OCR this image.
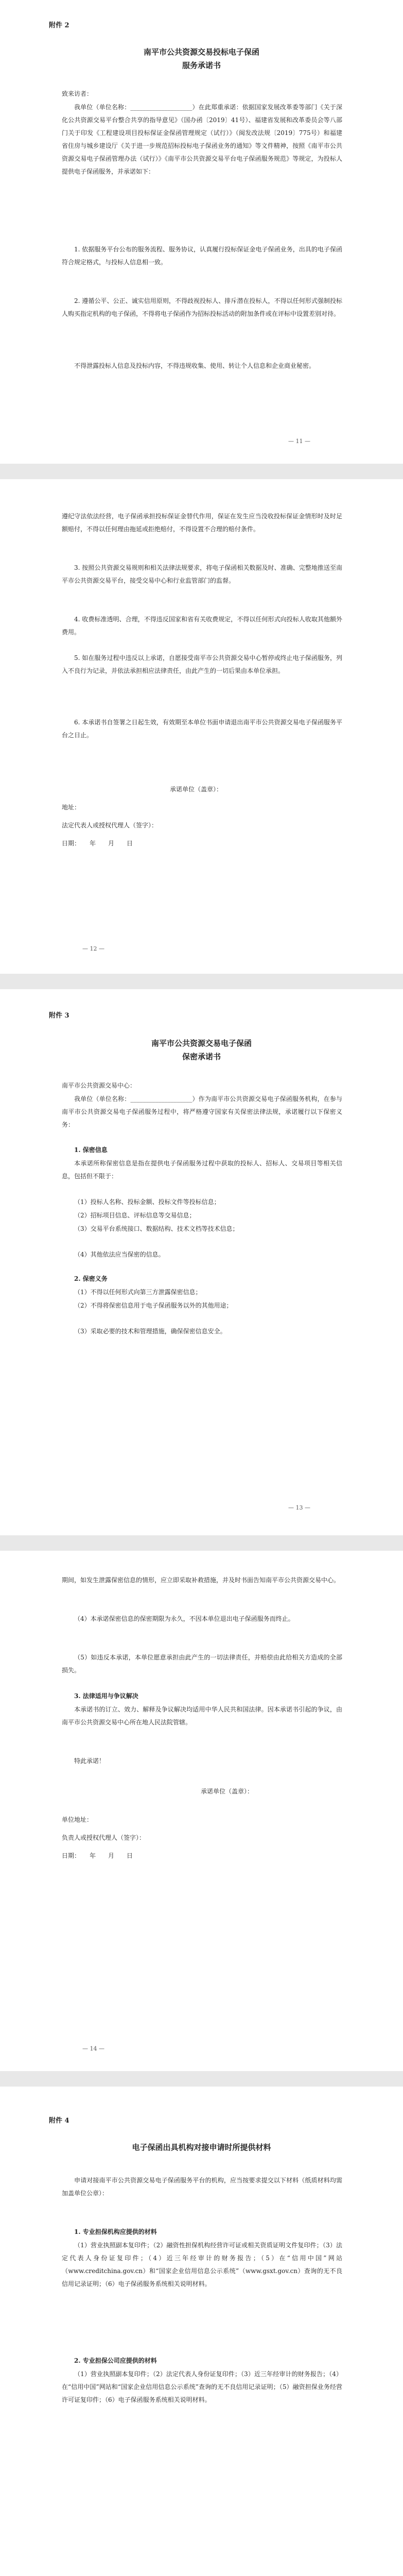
附件 2
南平市公共资源交易投标电子保函
服务承诺书
致来访者：
我单位（单位名称：____________________）在此郑重承诺：依据国家发展改革委等部门《关于深化公共资源交易平台整合共享的指导意见》（国办函〔2019〕41号）、福建省发展和改革委员会等八部门关于印发《工程建设项目投标保证金保函管理规定（试行）》（闽发改法规〔2019〕775号）和福建省住房与城乡建设厅《关于进一步规范招标投标电子保函业务的通知》等文件精神，按照《南平市公共资源交易电子保函管理办法（试行）》《南平市公共资源交易平台电子保函服务规范》等规定，为投标人提供电子保函服务，并承诺如下：
1. 依据服务平台公布的服务流程、服务协议，认真履行投标保证金电子保函业务，出具的电子保函符合规定格式，与投标人信息相一致。
2. 遵循公平、公正、诚实信用原则，不得歧视投标人、排斥潜在投标人，不得以任何形式强制投标人购买指定机构的电子保函，不得将电子保函作为招标投标活动的附加条件或在评标中设置差别对待。
不得泄露投标人信息及投标内容，不得违规收集、使用、转让个人信息和企业商业秘密。
— 11 —
遵纪守法依法经营，电子保函承担投标保证金替代作用，保证在发生应当没收投标保证金情形时及时足额赔付，不得以任何理由拖延或拒绝赔付，不得设置不合理的赔付条件。
3. 按照公共资源交易规则和相关法律法规要求，将电子保函相关数据及时、准确、完整地推送至南平市公共资源交易平台，接受交易中心和行业监管部门的监督。
4. 收费标准透明、合理，不得违反国家和省有关收费规定，不得以任何形式向投标人收取其他额外费用。
5. 如在服务过程中违反以上承诺，自愿接受南平市公共资源交易中心暂停或终止电子保函服务，列入不良行为记录，并依法承担相应法律责任，由此产生的一切后果由本单位承担。
6. 本承诺书自签署之日起生效，有效期至本单位书面申请退出南平市公共资源交易电子保函服务平台之日止。
承诺单位（盖章）：
地址：
法定代表人或授权代理人（签字）：
日期：　　年　　月　　日
— 12 —
附件 3
南平市公共资源交易电子保函
保密承诺书
南平市公共资源交易中心：
我单位（单位名称：____________________）作为南平市公共资源交易电子保函服务机构，在参与南平市公共资源交易电子保函服务过程中，将严格遵守国家有关保密法律法规，承诺履行以下保密义务：
1. 保密信息
本承诺所称保密信息是指在提供电子保函服务过程中获取的投标人、招标人、交易项目等相关信息，包括但不限于：
（1）投标人名称、投标金额、投标文件等投标信息；
（2）招标项目信息、评标信息等交易信息；
（3）交易平台系统接口、数据结构、技术文档等技术信息；
（4）其他依法应当保密的信息。
2. 保密义务
（1）不得以任何形式向第三方泄露保密信息；
（2）不得将保密信息用于电子保函服务以外的其他用途；
（3）采取必要的技术和管理措施，确保保密信息安全。
— 13 —
期间，如发生泄露保密信息的情形，应立即采取补救措施，并及时书面告知南平市公共资源交易中心。
（4）本承诺保密信息的保密期限为永久，不因本单位退出电子保函服务而终止。
（5）如违反本承诺，本单位愿意承担由此产生的一切法律责任，并赔偿由此给相关方造成的全部损失。
3. 法律适用与争议解决
本承诺书的订立、效力、解释及争议解决均适用中华人民共和国法律。因本承诺书引起的争议，由南平市公共资源交易中心所在地人民法院管辖。
特此承诺！
承诺单位（盖章）：
单位地址：
负责人或授权代理人（签字）：
日期：　　年　　月　　日
— 14 —
附件 4
电子保函出具机构对接申请时所提供材料
申请对接南平市公共资源交易电子保函服务平台的机构，应当按要求提交以下材料（纸质材料均需加盖单位公章）：
1. 专业担保机构应提供的材料
（1）营业执照副本复印件；（2）融资性担保机构经营许可证或相关资质证明文件复印件；（3）法定代表人身份证复印件；（4）近三年经审计的财务报告；（5）在“信用中国”网站（www.creditchina.gov.cn）和“国家企业信用信息公示系统”（www.gsxt.gov.cn）查询的无不良信用记录证明；（6）电子保函服务系统相关说明材料。
2. 专业担保公司应提供的材料
（1）营业执照副本复印件；（2）法定代表人身份证复印件；（3）近三年经审计的财务报告；（4）在“信用中国”网站和“国家企业信用信息公示系统”查询的无不良信用记录证明；（5）融资担保业务经营许可证复印件；（6）电子保函服务系统相关说明材料。
